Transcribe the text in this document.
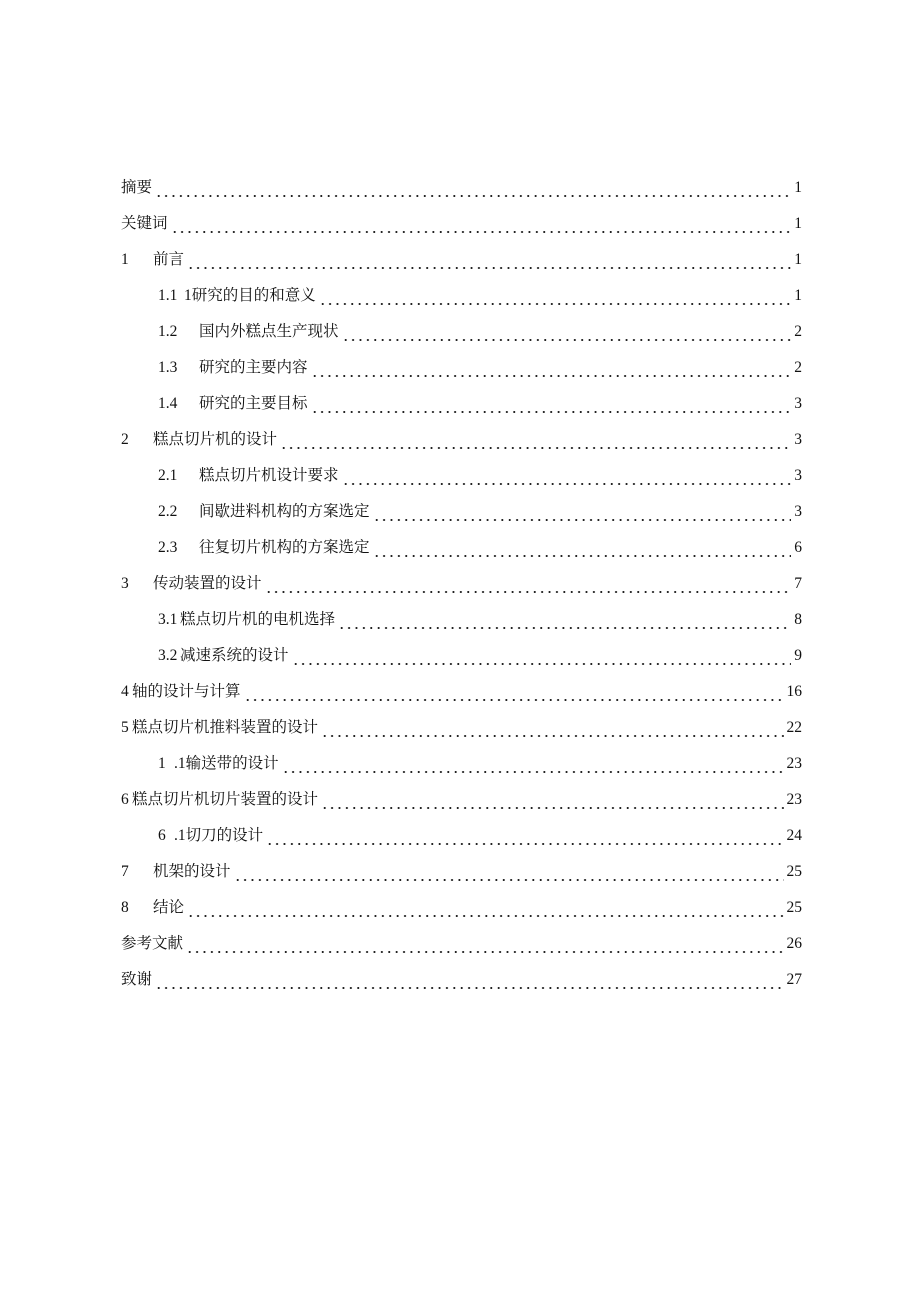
摘要	1
关键词	1
1	前言	1
1.1 1研究的目的和意义	1
1.2	国内外糕点生产现状	2
1.3	研究的主要内容	2
1.4	研究的主要目标	3
2	糕点切片机的设计	3
2.1	糕点切片机设计要求	3
2.2	间歇进料机构的方案选定	3
2.3	往复切片机构的方案选定	6
3	传动装置的设计	7
3.1 糕点切片机的电机选择	8
3.2 减速系统的设计	9
4 轴的设计与计算	16
5 糕点切片机推料装置的设计	22
1 .1输送带的设计	23
6 糕点切片机切片装置的设计	23
6 .1切刀的设计	24
7	机架的设计	25
8	结论	25
参考文献	26
致谢	27
